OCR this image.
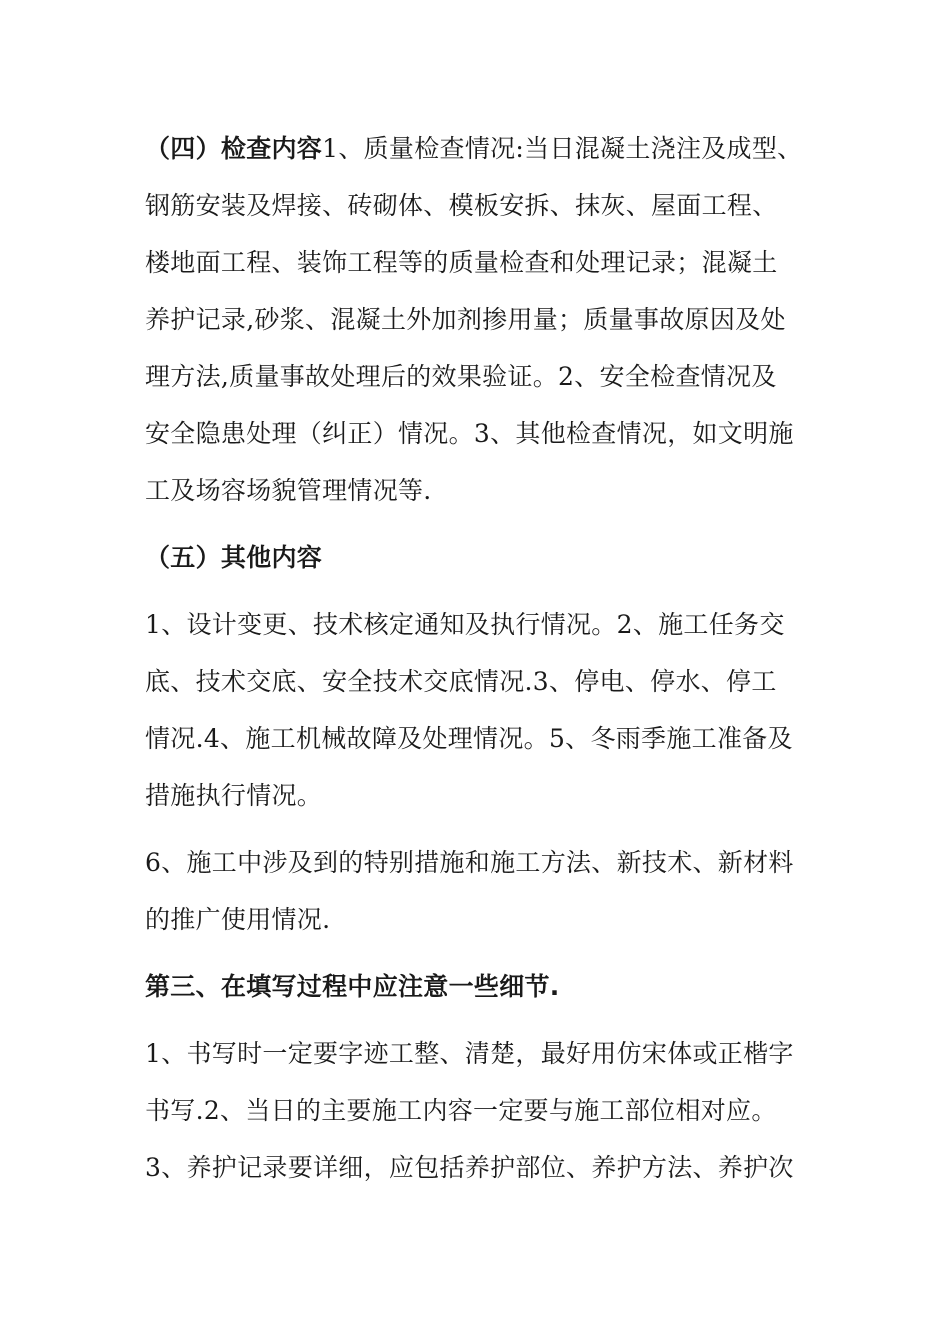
（四）检查内容1、质量检查情况:当日混凝土浇注及成型、
钢筋安装及焊接、砖砌体、模板安拆、抹灰、屋面工程、
楼地面工程、装饰工程等的质量检查和处理记录；混凝土
养护记录,砂浆、混凝土外加剂掺用量；质量事故原因及处
理方法,质量事故处理后的效果验证。2、安全检查情况及
安全隐患处理（纠正）情况。3、其他检查情况，如文明施
工及场容场貌管理情况等.
（五）其他内容
1、设计变更、技术核定通知及执行情况。2、施工任务交
底、技术交底、安全技术交底情况.3、停电、停水、停工
情况.4、施工机械故障及处理情况。5、冬雨季施工准备及
措施执行情况。
6、施工中涉及到的特别措施和施工方法、新技术、新材料
的推广使用情况.
第三、在填写过程中应注意一些细节.
1、书写时一定要字迹工整、清楚，最好用仿宋体或正楷字
书写.2、当日的主要施工内容一定要与施工部位相对应。
3、养护记录要详细，应包括养护部位、养护方法、养护次
